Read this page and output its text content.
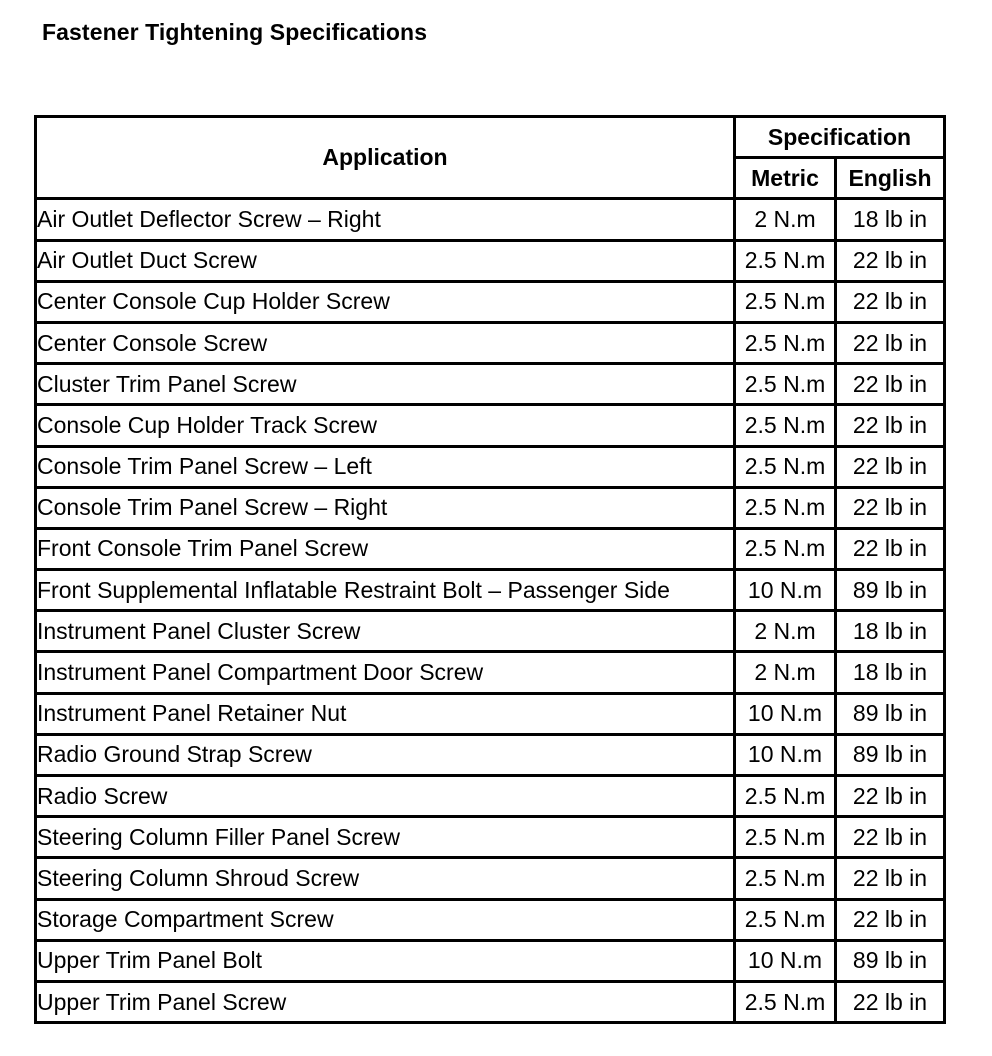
Fastener Tightening Specifications
Application	Specification	
	Metric	English
Air Outlet Deflector Screw – Right	2 N.m	18 lb in
Air Outlet Duct Screw	2.5 N.m	22 lb in
Center Console Cup Holder Screw	2.5 N.m	22 lb in
Center Console Screw	2.5 N.m	22 lb in
Cluster Trim Panel Screw	2.5 N.m	22 lb in
Console Cup Holder Track Screw	2.5 N.m	22 lb in
Console Trim Panel Screw – Left	2.5 N.m	22 lb in
Console Trim Panel Screw – Right	2.5 N.m	22 lb in
Front Console Trim Panel Screw	2.5 N.m	22 lb in
Front Supplemental Inflatable Restraint Bolt – Passenger Side	10 N.m	89 lb in
Instrument Panel Cluster Screw	2 N.m	18 lb in
Instrument Panel Compartment Door Screw	2 N.m	18 lb in
Instrument Panel Retainer Nut	10 N.m	89 lb in
Radio Ground Strap Screw	10 N.m	89 lb in
Radio Screw	2.5 N.m	22 lb in
Steering Column Filler Panel Screw	2.5 N.m	22 lb in
Steering Column Shroud Screw	2.5 N.m	22 lb in
Storage Compartment Screw	2.5 N.m	22 lb in
Upper Trim Panel Bolt	10 N.m	89 lb in
Upper Trim Panel Screw	2.5 N.m	22 lb in
